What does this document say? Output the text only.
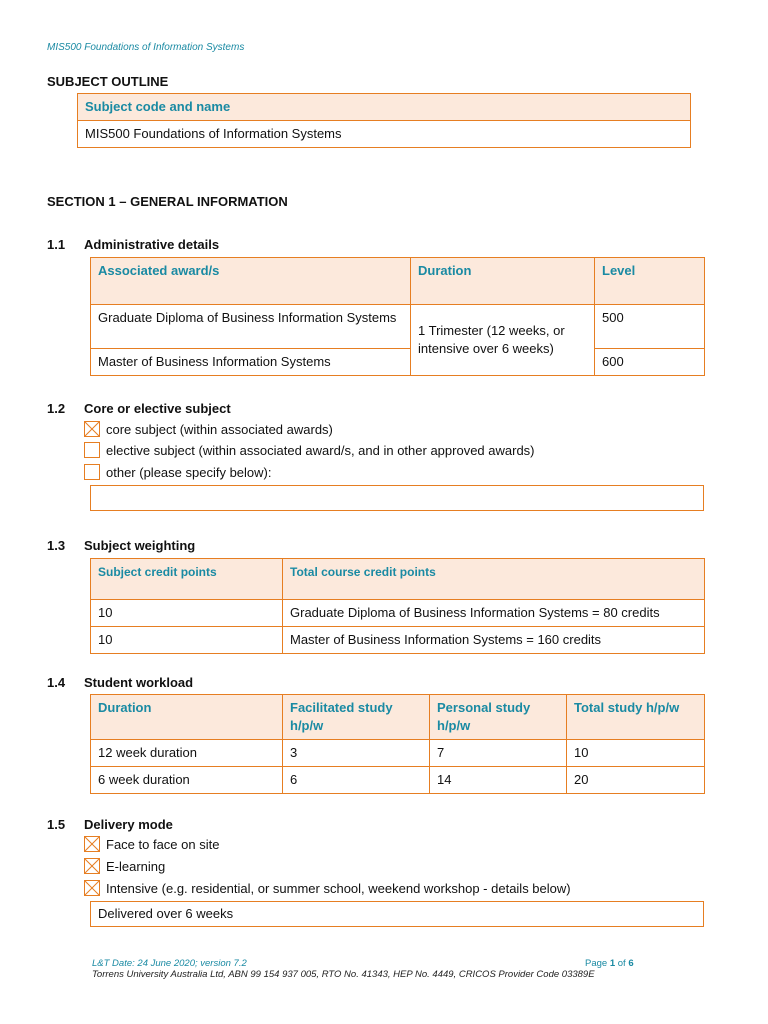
MIS500 Foundations of Information Systems
SUBJECT OUTLINE
Subject code and name
MIS500 Foundations of Information Systems
SECTION 1 – GENERAL INFORMATION
1.1 Administrative details
Associated award/s	Duration	Level
Graduate Diploma of Business Information Systems	1 Trimester (12 weeks, or intensive over 6 weeks)	500
Master of Business Information Systems		600
1.2 Core or elective subject
core subject (within associated awards)
elective subject (within associated award/s, and in other approved awards)
other (please specify below):
1.3 Subject weighting
Subject credit points	Total course credit points
10	Graduate Diploma of Business Information Systems = 80 credits
10	Master of Business Information Systems = 160 credits
1.4 Student workload
Duration	Facilitated study h/p/w	Personal study h/p/w	Total study h/p/w
12 week duration	3	7	10
6 week duration	6	14	20
1.5 Delivery mode
Face to face on site
E-learning
Intensive (e.g. residential, or summer school, weekend workshop - details below)
Delivered over 6 weeks
L&T Date: 24 June 2020; version 7.2	Page 1 of 6
Torrens University Australia Ltd, ABN 99 154 937 005, RTO No. 41343, HEP No. 4449, CRICOS Provider Code 03389E
